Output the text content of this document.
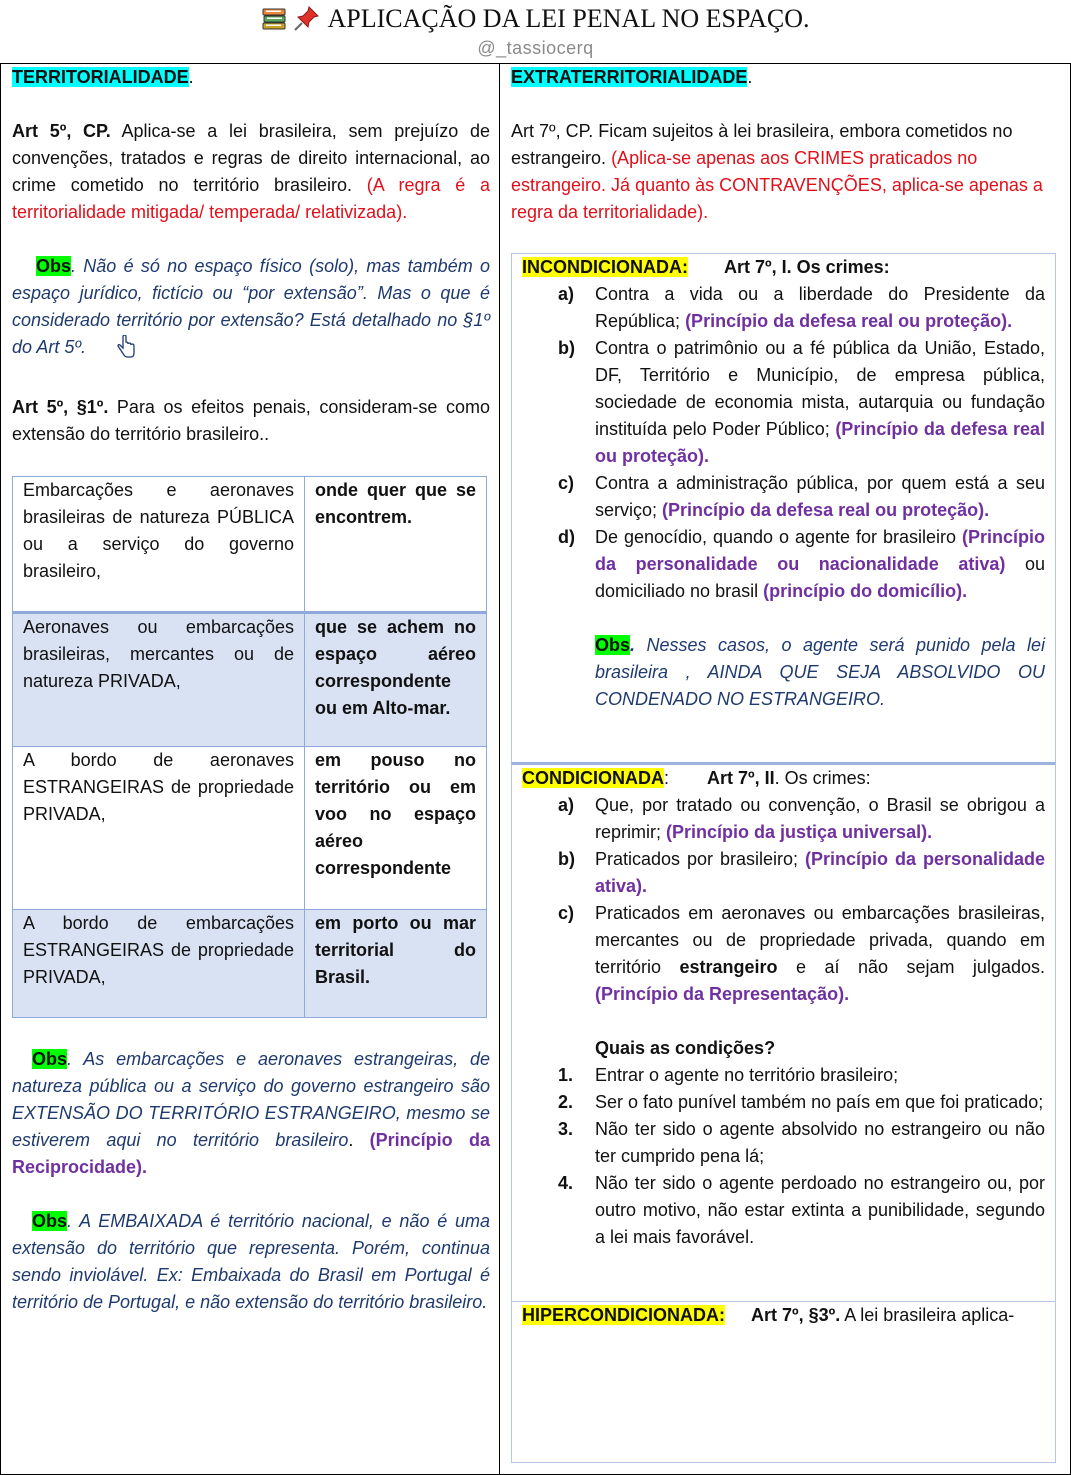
APLICAÇÃO DA LEI PENAL NO ESPAÇO.
@_tassiocerq

TERRITORIALIDADE.

Art 5º, CP. Aplica-se a lei brasileira, sem prejuízo de convenções, tratados e regras de direito internacional, ao crime cometido no território brasileiro. (A regra é a territorialidade mitigada/ temperada/ relativizada).

Obs. Não é só no espaço físico (solo), mas também o espaço jurídico, fictício ou “por extensão”. Mas o que é considerado território por extensão? Está detalhado no §1º do Art 5º.

Art 5º, §1º. Para os efeitos penais, consideram-se como extensão do território brasileiro..

Embarcações e aeronaves brasileiras de natureza PÚBLICA ou a serviço do governo brasileiro,	onde quer que se encontrem.
Aeronaves ou embarcações brasileiras, mercantes ou de natureza PRIVADA,	que se achem no espaço aéreo correspondente ou em Alto-mar.
A bordo de aeronaves ESTRANGEIRAS de propriedade PRIVADA,	em pouso no território ou em voo no espaço aéreo correspondente
A bordo de embarcações ESTRANGEIRAS de propriedade PRIVADA,	em porto ou mar territorial do Brasil.

Obs. As embarcações e aeronaves estrangeiras, de natureza pública ou a serviço do governo estrangeiro são EXTENSÃO DO TERRITÓRIO ESTRANGEIRO, mesmo se estiverem aqui no território brasileiro. (Princípio da Reciprocidade).

Obs. A EMBAIXADA é território nacional, e não é uma extensão do território que representa. Porém, continua sendo inviolável. Ex: Embaixada do Brasil em Portugal é território de Portugal, e não extensão do território brasileiro.

EXTRATERRITORIALIDADE.

Art 7º, CP. Ficam sujeitos à lei brasileira, embora cometidos no estrangeiro. (Aplica-se apenas aos CRIMES praticados no estrangeiro. Já quanto às CONTRAVENÇÕES, aplica-se apenas a regra da territorialidade).

INCONDICIONADA: Art 7º, I. Os crimes:

a) Contra a vida ou a liberdade do Presidente da República; (Princípio da defesa real ou proteção).
b) Contra o patrimônio ou a fé pública da União, Estado, DF, Território e Município, de empresa pública, sociedade de economia mista, autarquia ou fundação instituída pelo Poder Público; (Princípio da defesa real ou proteção).
c) Contra a administração pública, por quem está a seu serviço; (Princípio da defesa real ou proteção).
d) De genocídio, quando o agente for brasileiro (Princípio da personalidade ou nacionalidade ativa) ou domiciliado no brasil (princípio do domicílio).

Obs. Nesses casos, o agente será punido pela lei brasileira , AINDA QUE SEJA ABSOLVIDO OU CONDENADO NO ESTRANGEIRO.

CONDICIONADA: Art 7º, II. Os crimes:

a) Que, por tratado ou convenção, o Brasil se obrigou a reprimir; (Princípio da justiça universal).
b) Praticados por brasileiro; (Princípio da personalidade ativa).
c) Praticados em aeronaves ou embarcações brasileiras, mercantes ou de propriedade privada, quando em território estrangeiro e aí não sejam julgados. (Princípio da Representação).

Quais as condições?

1. Entrar o agente no território brasileiro;
2. Ser o fato punível também no país em que foi praticado;
3. Não ter sido o agente absolvido no estrangeiro ou não ter cumprido pena lá;
4. Não ter sido o agente perdoado no estrangeiro ou, por outro motivo, não estar extinta a punibilidade, segundo a lei mais favorável.

HIPERCONDICIONADA: Art 7º, §3º. A lei brasileira aplica-
